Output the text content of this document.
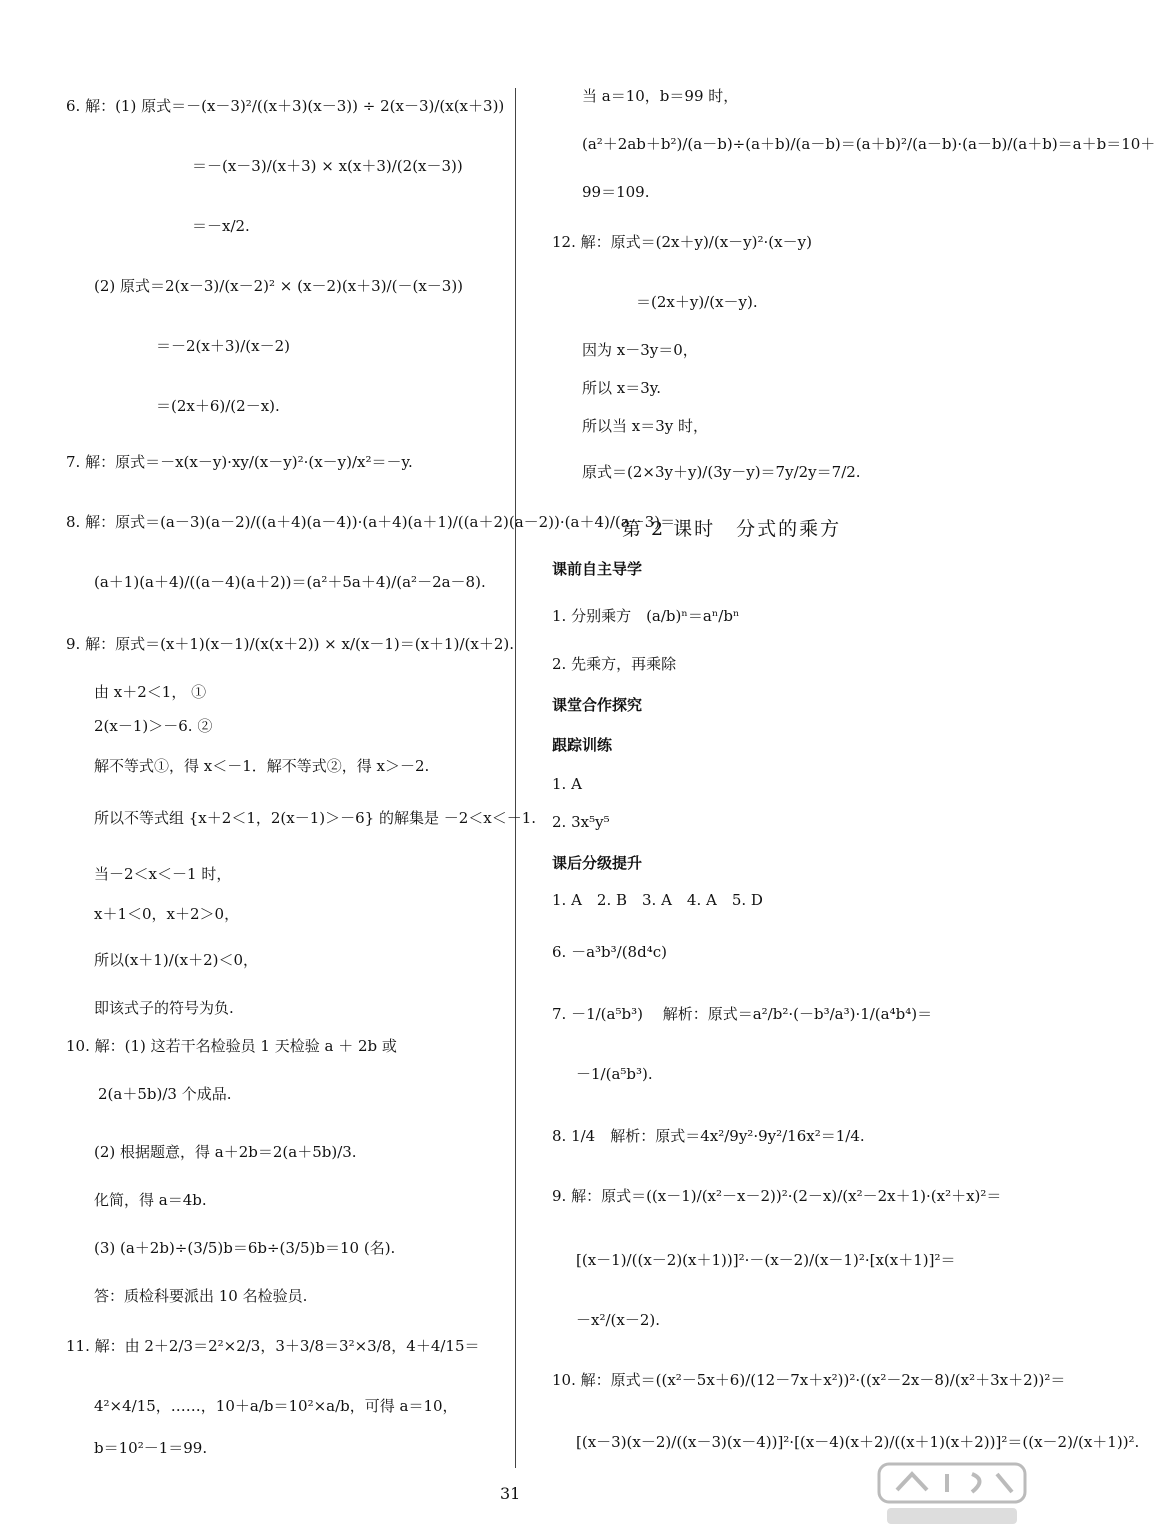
6. 解：(1) 原式＝－(x－3)²/((x＋3)(x－3)) ÷ 2(x－3)/(x(x＋3))
＝－(x－3)/(x＋3) × x(x＋3)/(2(x－3))
＝－x/2.
(2) 原式＝2(x－3)/(x－2)² × (x－2)(x＋3)/(－(x－3))
＝－2(x＋3)/(x－2)
＝(2x＋6)/(2－x).
7. 解：原式＝－x(x－y)·xy/(x－y)²·(x－y)/x²＝－y.
8. 解：原式＝(a－3)(a－2)/((a＋4)(a－4))·(a＋4)(a＋1)/((a＋2)(a－2))·(a＋4)/(a－3)＝
(a＋1)(a＋4)/((a－4)(a＋2))＝(a²＋5a＋4)/(a²－2a－8).
9. 解：原式＝(x＋1)(x－1)/(x(x＋2)) × x/(x－1)＝(x＋1)/(x＋2).
由 x＋2＜1， ①
2(x－1)＞－6. ②
解不等式①，得 x＜－1．解不等式②，得 x＞－2.
所以不等式组 {x＋2＜1，2(x－1)＞－6} 的解集是 －2＜x＜－1.
当－2＜x＜－1 时，
x＋1＜0，x＋2＞0，
所以(x＋1)/(x＋2)＜0，
即该式子的符号为负.
10. 解：(1) 这若干名检验员 1 天检验 a ＋ 2b 或
2(a＋5b)/3 个成品.
(2) 根据题意，得 a＋2b＝2(a＋5b)/3.
化简，得 a＝4b.
(3) (a＋2b)÷(3/5)b＝6b÷(3/5)b＝10 (名).
答：质检科要派出 10 名检验员.
11. 解：由 2＋2/3＝2²×2/3，3＋3/8＝3²×3/8，4＋4/15＝
4²×4/15，……，10＋a/b＝10²×a/b，可得 a＝10，
b＝10²－1＝99.
当 a＝10，b＝99 时，
(a²＋2ab＋b²)/(a－b)÷(a＋b)/(a－b)＝(a＋b)²/(a－b)·(a－b)/(a＋b)＝a＋b＝10＋
99＝109.
12. 解：原式＝(2x＋y)/(x－y)²·(x－y)
＝(2x＋y)/(x－y).
因为 x－3y＝0，
所以 x＝3y.
所以当 x＝3y 时，
原式＝(2×3y＋y)/(3y－y)＝7y/2y＝7/2.
第 2 课时　分式的乘方
课前自主导学
1. 分别乘方　(a/b)ⁿ＝aⁿ/bⁿ
2. 先乘方，再乘除
课堂合作探究
跟踪训练
1. A
2. 3x⁵y⁵
课后分级提升
1. A　2. B　3. A　4. A　5. D
6. －a³b³/(8d⁴c)
7. －1/(a⁵b³)　 解析：原式＝a²/b²·(－b³/a³)·1/(a⁴b⁴)＝
－1/(a⁵b³).
8. 1/4　解析：原式＝4x²/9y²·9y²/16x²＝1/4.
9. 解：原式＝((x－1)/(x²－x－2))²·(2－x)/(x²－2x＋1)·(x²＋x)²＝
[(x－1)/((x－2)(x＋1))]²·－(x－2)/(x－1)²·[x(x＋1)]²＝
－x²/(x－2).
10. 解：原式＝((x²－5x＋6)/(12－7x＋x²))²·((x²－2x－8)/(x²＋3x＋2))²＝
[(x－3)(x－2)/((x－3)(x－4))]²·[(x－4)(x＋2)/((x＋1)(x＋2))]²＝((x－2)/(x＋1))².
31
